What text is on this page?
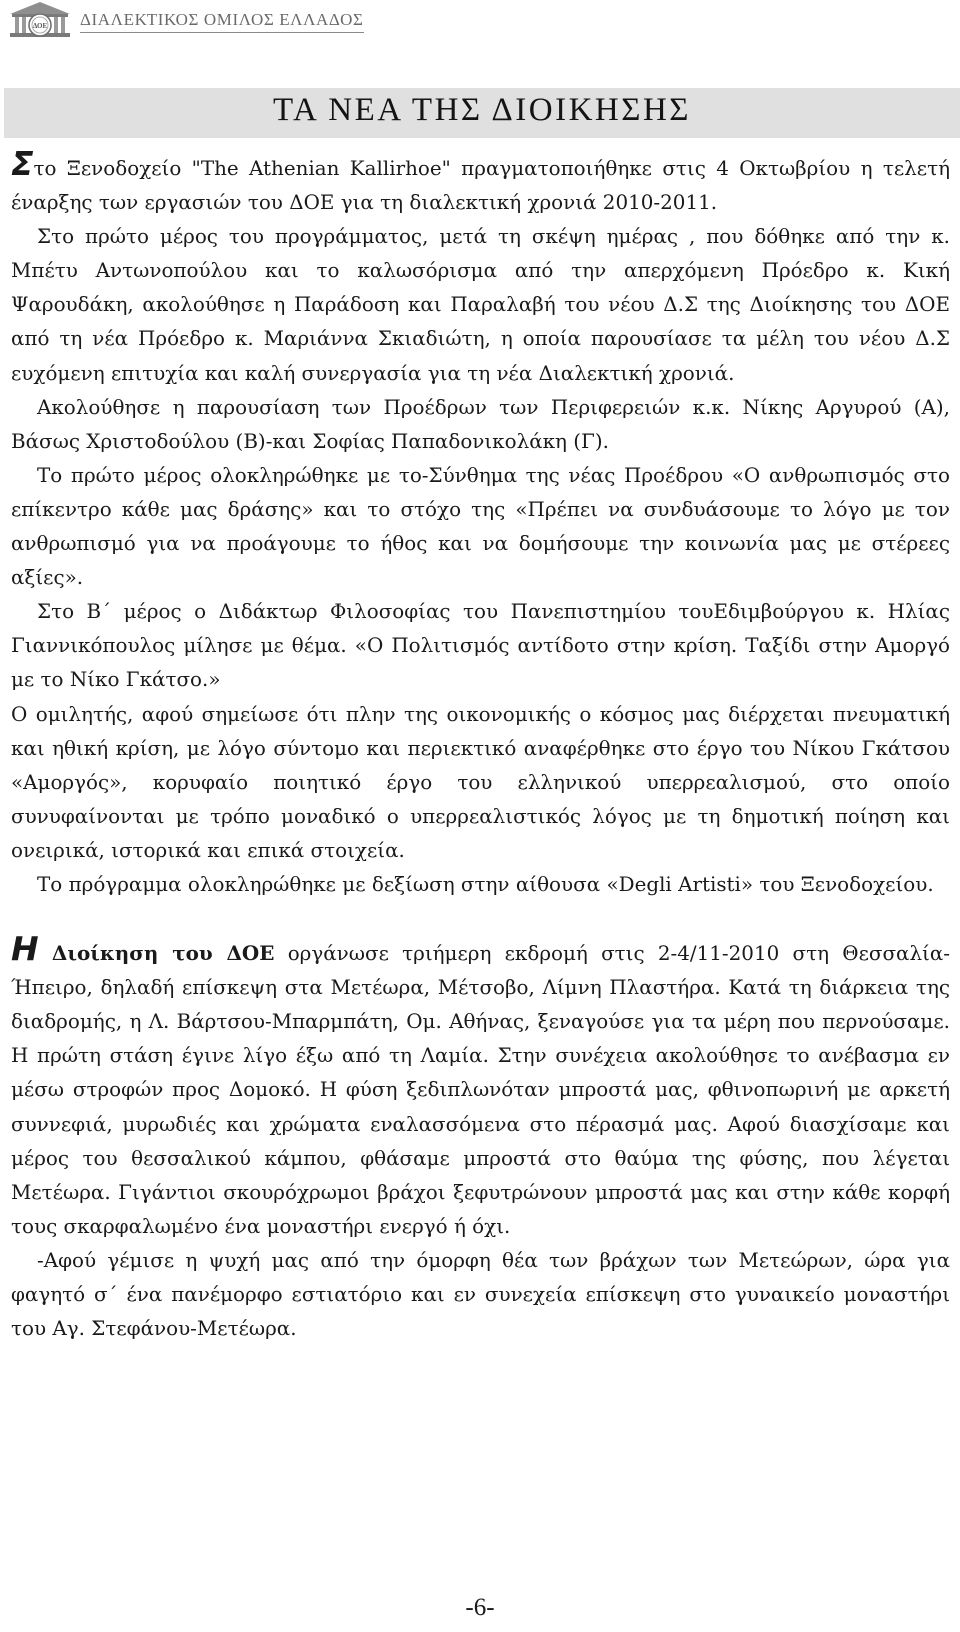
ΔΟΕ ΔΙΑΛΕΚΤΙΚΟΣ ΟΜΙΛΟΣ ΕΛΛΑΔΟΣ
ΤΑ ΝΕΑ ΤΗΣ ΔΙΟΙΚΗΣΗΣ

Στο Ξενοδοχείο "The Athenian Kallirhoe" πραγματοποιήθηκε στις 4 Οκτωβρίου η τελετή έναρξης των εργασιών του ΔΟΕ για τη διαλεκτική χρονιά 2010-2011.

Στο πρώτο μέρος του προγράμματος, μετά τη σκέψη ημέρας , που δόθηκε από την κ. Μπέτυ Αντωνοπούλου και το καλωσόρισμα από την απερχόμενη Πρόεδρο κ. Κική Ψαρουδάκη, ακολούθησε η Παράδοση και Παραλαβή του νέου Δ.Σ της Διοίκησης του ΔΟΕ από τη νέα Πρόεδρο κ. Μαριάννα Σκιαδιώτη, η οποία παρουσίασε τα μέλη του νέου Δ.Σ ευχόμενη επιτυχία και καλή συνεργασία για τη νέα Διαλεκτική χρονιά.

Ακολούθησε η παρουσίαση των Προέδρων των Περιφερειών κ.κ. Νίκης Αργυρού (Α), Βάσως Χριστοδούλου (Β)-και Σοφίας Παπαδονικολάκη (Γ).

Το πρώτο μέρος ολοκληρώθηκε με το-Σύνθημα της νέας Προέδρου «Ο ανθρωπισμός στο επίκεντρο κάθε μας δράσης» και το στόχο της «Πρέπει να συνδυάσουμε το λόγο με τον ανθρωπισμό για να προάγουμε το ήθος και να δομήσουμε την κοινωνία μας με στέρεες αξίες».

Στο Β΄ μέρος ο Διδάκτωρ Φιλοσοφίας του Πανεπιστημίου τουΕδιμβούργου κ. Ηλίας Γιαννικόπουλος μίλησε με θέμα. «Ο Πολιτισμός αντίδοτο στην κρίση. Ταξίδι στην Αμοργό με το Νίκο Γκάτσο.»

Ο ομιλητής, αφού σημείωσε ότι πλην της οικονομικής ο κόσμος μας διέρχεται πνευματική και ηθική κρίση, με λόγο σύντομο και περιεκτικό αναφέρθηκε στο έργο του Νίκου Γκάτσου «Αμοργός», κορυφαίο ποιητικό έργο του ελληνικού υπερρεαλισμού, στο οποίο συνυφαίνονται με τρόπο μοναδικό ο υπερρεαλιστικός λόγος με τη δημοτική ποίηση και ονειρικά, ιστορικά και επικά στοιχεία.

Το πρόγραμμα ολοκληρώθηκε με δεξίωση στην αίθουσα «Degli Artisti» του Ξενοδοχείου.

Η Διοίκηση του ΔΟΕ οργάνωσε τριήμερη εκδρομή στις 2-4/11-2010 στη Θεσσαλία-Ήπειρο, δηλαδή επίσκεψη στα Μετέωρα, Μέτσοβο, Λίμνη Πλαστήρα. Κατά τη διάρκεια της διαδρομής, η Λ. Βάρτσου-Μπαρμπάτη, Ομ. Αθήνας, ξεναγούσε για τα μέρη που περνούσαμε. Η πρώτη στάση έγινε λίγο έξω από τη Λαμία. Στην συνέχεια ακολούθησε το ανέβασμα εν μέσω στροφών προς Δομοκό. Η φύση ξεδιπλωνόταν μπροστά μας, φθινοπωρινή με αρκετή συννεφιά, μυρωδιές και χρώματα εναλασσόμενα στο πέρασμά μας. Αφού διασχίσαμε και μέρος του θεσσαλικού κάμπου, φθάσαμε μπροστά στο θαύμα της φύσης, που λέγεται Μετέωρα. Γιγάντιοι σκουρόχρωμοι βράχοι ξεφυτρώνουν μπροστά μας και στην κάθε κορφή τους σκαρφαλωμένο ένα μοναστήρι ενεργό ή όχι.

-Αφού γέμισε η ψυχή μας από την όμορφη θέα των βράχων των Μετεώρων, ώρα για φαγητό σ΄ ένα πανέμορφο εστιατόριο και εν συνεχεία επίσκεψη στο γυναικείο μοναστήρι του Αγ. Στεφάνου-Μετέωρα.

-6-
